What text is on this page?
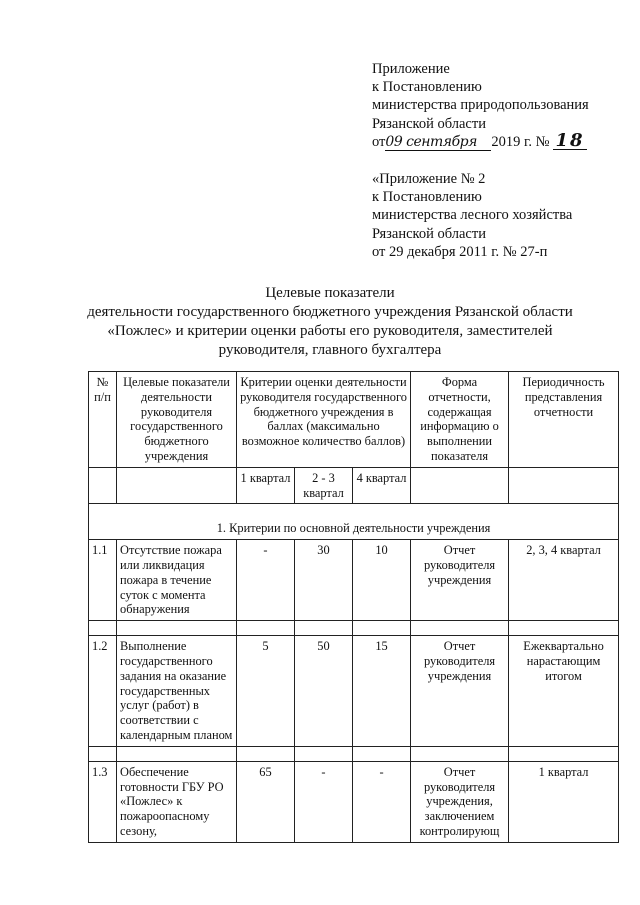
Приложение
к Постановлению
министерства природопользования
Рязанской области
от09 сентября 2019 г. № 18
«Приложение № 2
к Постановлению
министерства лесного хозяйства
Рязанской области
от 29 декабря 2011 г. № 27-п
Целевые показатели
деятельности государственного бюджетного учреждения Рязанской области
«Пожлес» и критерии оценки работы его руководителя, заместителей
руководителя, главного бухгалтера
№ п/п	Целевые показатели деятельности руководителя государственного бюджетного учреждения	Критерии оценки деятельности руководителя государственного бюджетного учреждения в баллах (максимально возможное количество баллов)			Форма отчетности, содержащая информацию о выполнении показателя	Периодичность представления отчетности
		1 квартал	2 - 3 квартал	4 квартал		

1. Критерии по основной деятельности учреждения						
1.1	Отсутствие пожара или ликвидация пожара в течение суток с момента обнаружения	-	30	10	Отчет руководителя учреждения	2, 3, 4 квартал

1.2	Выполнение государственного задания на оказание государственных услуг (работ) в соответствии с календарным планом	5	50	15	Отчет руководителя учреждения	Ежеквартально нарастающим итогом

1.3	Обеспечение готовности ГБУ РО «Пожлес» к пожароопасному сезону,	65	-	-	Отчет руководителя учреждения, заключением контролирующ	1 квартал
